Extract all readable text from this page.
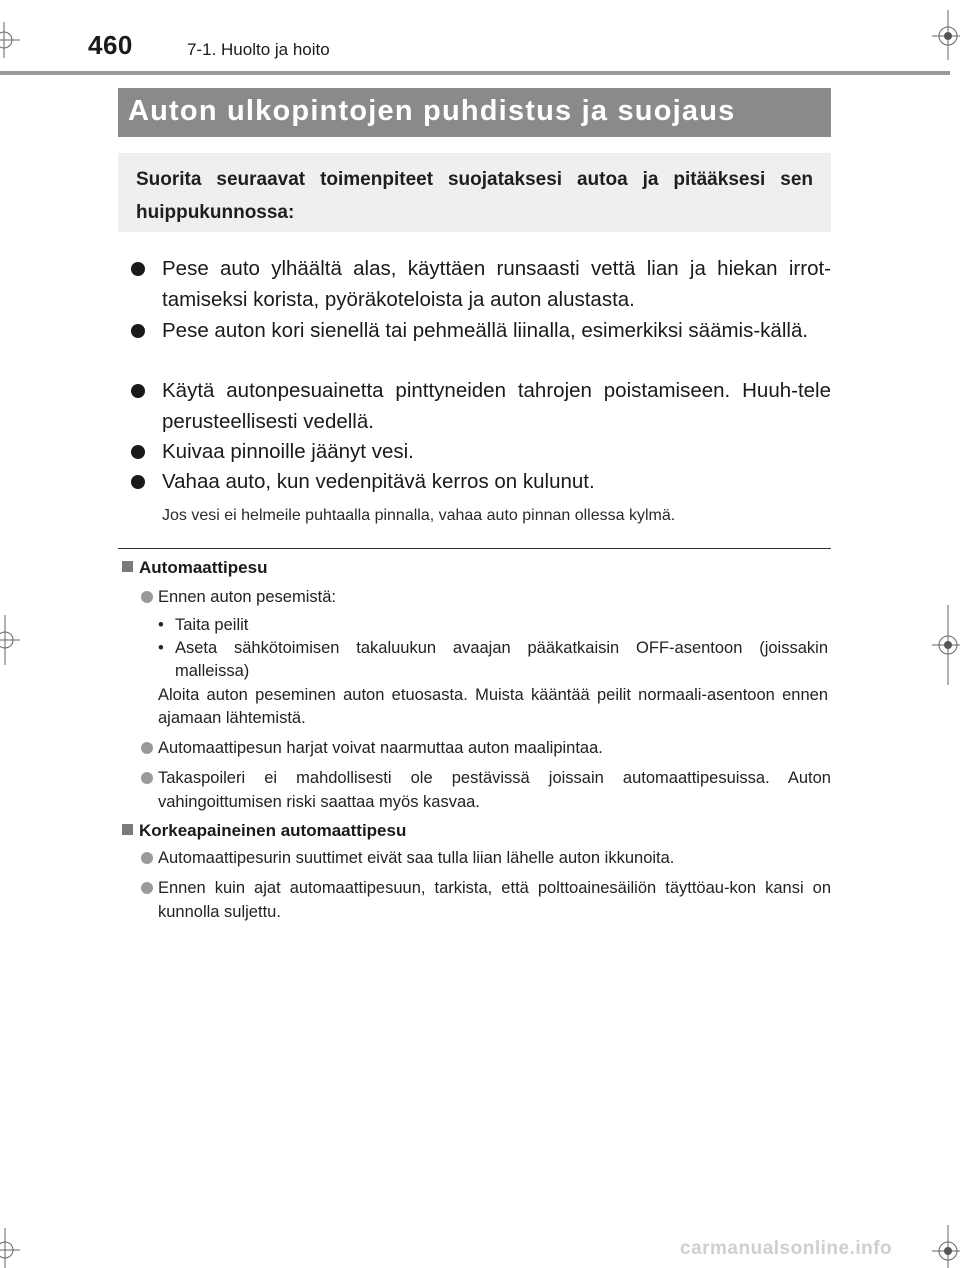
460	7-1. Huolto ja hoito
Auton ulkopintojen puhdistus ja suojaus
Suorita seuraavat toimenpiteet suojataksesi autoa ja pitääksesi sen huippukunnossa:
Pese auto ylhäältä alas, käyttäen runsaasti vettä lian ja hiekan irrot-tamiseksi korista, pyöräkoteloista ja auton alustasta.
Pese auton kori sienellä tai pehmeällä liinalla, esimerkiksi säämis-källä.
Käytä autonpesuainetta pinttyneiden tahrojen poistamiseen. Huuh-tele perusteellisesti vedellä.
Kuivaa pinnoille jäänyt vesi.
Vahaa auto, kun vedenpitävä kerros on kulunut.
Jos vesi ei helmeile puhtaalla pinnalla, vahaa auto pinnan ollessa kylmä.
Automaattipesu
Ennen auton pesemistä:
• Taita peilit
• Aseta sähkötoimisen takaluukun avaajan pääkatkaisin OFF-asentoon (joissakin malleissa)
Aloita auton peseminen auton etuosasta. Muista kääntää peilit normaali-asentoon ennen ajamaan lähtemistä.
Automaattipesun harjat voivat naarmuttaa auton maalipintaa.
Takaspoileri ei mahdollisesti ole pestävissä joissain automaattipesuissa. Auton vahingoittumisen riski saattaa myös kasvaa.
Korkeapaineinen automaattipesu
Automaattipesurin suuttimet eivät saa tulla liian lähelle auton ikkunoita.
Ennen kuin ajat automaattipesuun, tarkista, että polttoainesäiliön täyttöau-kon kansi on kunnolla suljettu.
carmanualsonline.info
